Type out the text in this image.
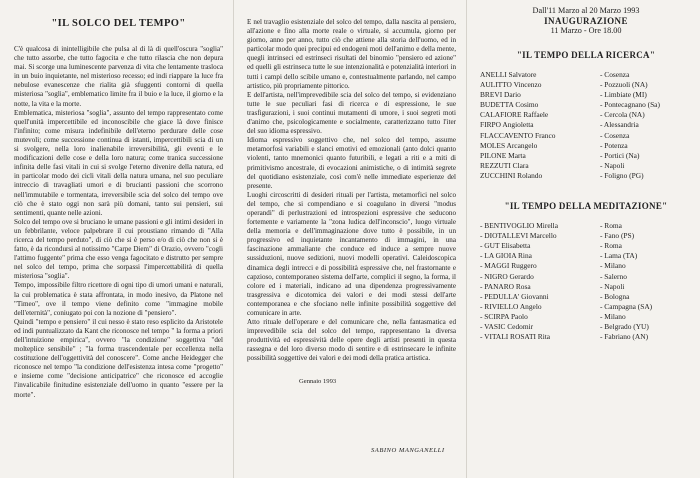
"IL SOLCO DEL TEMPO"

C'è qualcosa di inintelligibile che pulsa al di là di quell'oscura "soglia" che tutto assorbe, che tutto fagocita e che tutto rilascia che non depura mai. Si scorge una luminescente parvenza di vita che lentamente trasloca in un buio inquietante, nel misterioso recesso; ed indi riappare la luce fra nebulose evanescenze che rialita già sfuggenti contorni di quella misteriosa "soglia", emblematico limite fra il buio e la luce, il giorno e la notte, la vita e la morte.

Emblematica, misteriosa "soglia", assunto del tempo rappresentato come quell'unità impercettibile ed inconoscibile che giace là dove finisce l'infinito; come misura indefinibile dell'eterno perdurare delle cose mutevoli; come successione continua di istanti, impercettibili scia di un si svolgere, nella loro inalienabile irreversibilità, gli eventi e le modificazioni delle cose e della loro natura; come tranica successione infinita delle fasi vitali in cui si svolge l'eterno divenire della natura, ed in particolar modo dei cicli vitali della natura umana, nel suo peculiare intreccio di travagliati umori e di brucianti passioni che scorrono nell'immutabile e tormentata, irreversibile scia del solco del tempo ove ciò che è stato oggi non sarà più domani, tanto sui pensieri, sui sentimenti, quante nelle azioni.

Solco del tempo ove si bruciano le umane passioni e gli intimi desideri in un febbrilante, veloce palpebrare il cui proustiano rimando di "Alla ricerca del tempo perduto", di ciò che si è perso e/o di ciò che non si è fatto, è da ricondursi al notissimo "Carpe Diem" di Orazio, ovvero "cogli l'attimo fuggente" prima che esso venga fagocitato e distrutto per sempre nel solco del tempo, prima che sorpassi l'impercettabilità di quella misteriosa "soglia".

Tempo, impossibile filtro ricettore di ogni tipo di umori umani e naturali, la cui problematica è stata affrontata, in modo inesivo, da Platone nel "Timeo", ove il tempo viene definito come "immagine mobile dell'eternità", coniugato poi con la nozione di "pensiero".

Quindi "tempo e pensiero" il cui nesso è stato reso esplicito da Aristotele ed indi puntualizzato da Kant che riconosce nel tempo " la forma a priori dell'intuizione empirica", ovvero "la condizione" soggettiva "del molteplice sensibile" ; "la forma trascendentale per eccellenza nella costituzione dell'oggettività del conoscere". Come anche Heidegger che riconosce nel tempo "la condizione dell'esistenza intesa come "progetto" e insieme come "decisione anticipatrice" che riconosce ed accoglie l'invalicabile finitudine esistenziale dell'uomo in quanto "essere per la morte".

E nel travaglio esistenziale del solco del tempo, dalla nascita al pensiero, all'azione e fino alla morte reale o virtuale, si accumula, giorno per giorno, anno per anno, tutto ciò che attiene alla storia dell'uomo, ed in particolar modo quei precipui ed endogeni moti dell'animo e della mente, quegli intrinseci ed estrinseci risultati del binomio "pensiero ed azione" ed quelli gli estrinseca tutte le sue intenzionalità e potenzialità interiori in tutti i campi dello scibile umano e, contestualmente parlando, nel campo artistico, più propriamente pittorico.

E dell'artista, nell'imprevedibile scia del solco del tempo, si evidenziano tutte le sue peculiari fasi di ricerca e di espressione, le sue trasfigurazioni, i suoi continui mutamenti di umore, i suoi segreti moti d'animo che, psicologicamente e socialmente, caratterizzano tutto l'iter del suo idioma espressivo.

Idioma espressivo soggettivo che, nel solco del tempo, assume metamorfosi variabili e slanci emotivi ed emozionali (anto dolci quanto violenti, tanto mnemonici quanto futuribili, e legati a riti e a miti di primitivismo ancestrale, di evocazioni animistiche, o di intimità segrete del quotidiano esistenziale, così com'è nelle immediate esperienze del presente.

Luoghi circoscritti di desideri rituali per l'artista, metamorfici nel solco del tempo, che si compendiano e si coagulano in diversi "modus operandi" di perlustrazioni ed introspezioni espressive che seducono fortemente e variamente la "zona ludica dell'inconscio", luogo virtuale della memoria e dell'immaginazione dove tutto è possibile, in un progressivo ed inquietante incantamento di immagini, in una fascinazione ammaliante che conduce ed induce a sempre nuove sussiduzioni, nuove sedizioni, nuovi modelli operativi. Caleidoscopica dinamica degli intrecci e di possibilità espressive che, nel frastornante e capzioso, contemporaneo sistema dell'arte, complici il segno, la forma, il colore ed i materiali, indicano ad una dipendenza progressivamente trasgressiva e dicotomica dei valori e dei modi stessi dell'arte contemporanea e che sfociano nelle infinite possibilità soggettive del comunicare in arte.

Atto rituale dell'operare e del comunicare che, nella fantasmatica ed imprevedibile scia del solco del tempo, rappresentano la diversa produttività ed espressività delle opere degli artisti presenti in questa rassegna e del loro diverso modo di sentire e di estrinsecare le infinite possibilità soggettive dei valori e dei modi della pratica artistica.

Gennaio 1993
SABINO MANGANELLI
Dall'11 Marzo al 20 Marzo 1993
INAUGURAZIONE
11 Marzo - Ore 18.00
"IL TEMPO DELLA RICERCA"
ANELLI Salvatore	- Cosenza
AULITTO Vincenzo	- Pozzuoli (NA)
BREVI Dario	- Limbiate (MI)
BUDETTA Cosimo	- Pontecagnano (Sa)
CALAFIORE Raffaele	- Cercola (NA)
FIRPO Angioletta	- Alessandria
FLACCAVENTO Franco	- Cosenza
MOLES Arcangelo	- Potenza
PILONE Marta	- Portici (Na)
REZZUTI Clara	- Napoli
ZUCCHINI Rolando	- Foligno (PG)
"IL TEMPO DELLA MEDITAZIONE"
- BENTIVOGLIO Mirella	- Roma
- DIOTALLEVI Marcello	- Fano (PS)
- GUT Elisabetta	- Roma
- LA GIOIA Rina	- Lama (TA)
- MAGGI Ruggero	- Milano
- NIGRO Gerardo	- Salerno
- PANARO Rosa	- Napoli
- PEDULLA' Giovanni	- Bologna
- RIVIELLO Angelo	- Campagna (SA)
- SCIRPA Paolo	- Milano
- VASIC Cedomir	- Belgrado (YU)
- VITALI ROSATI Rita	- Fabriano (AN)
